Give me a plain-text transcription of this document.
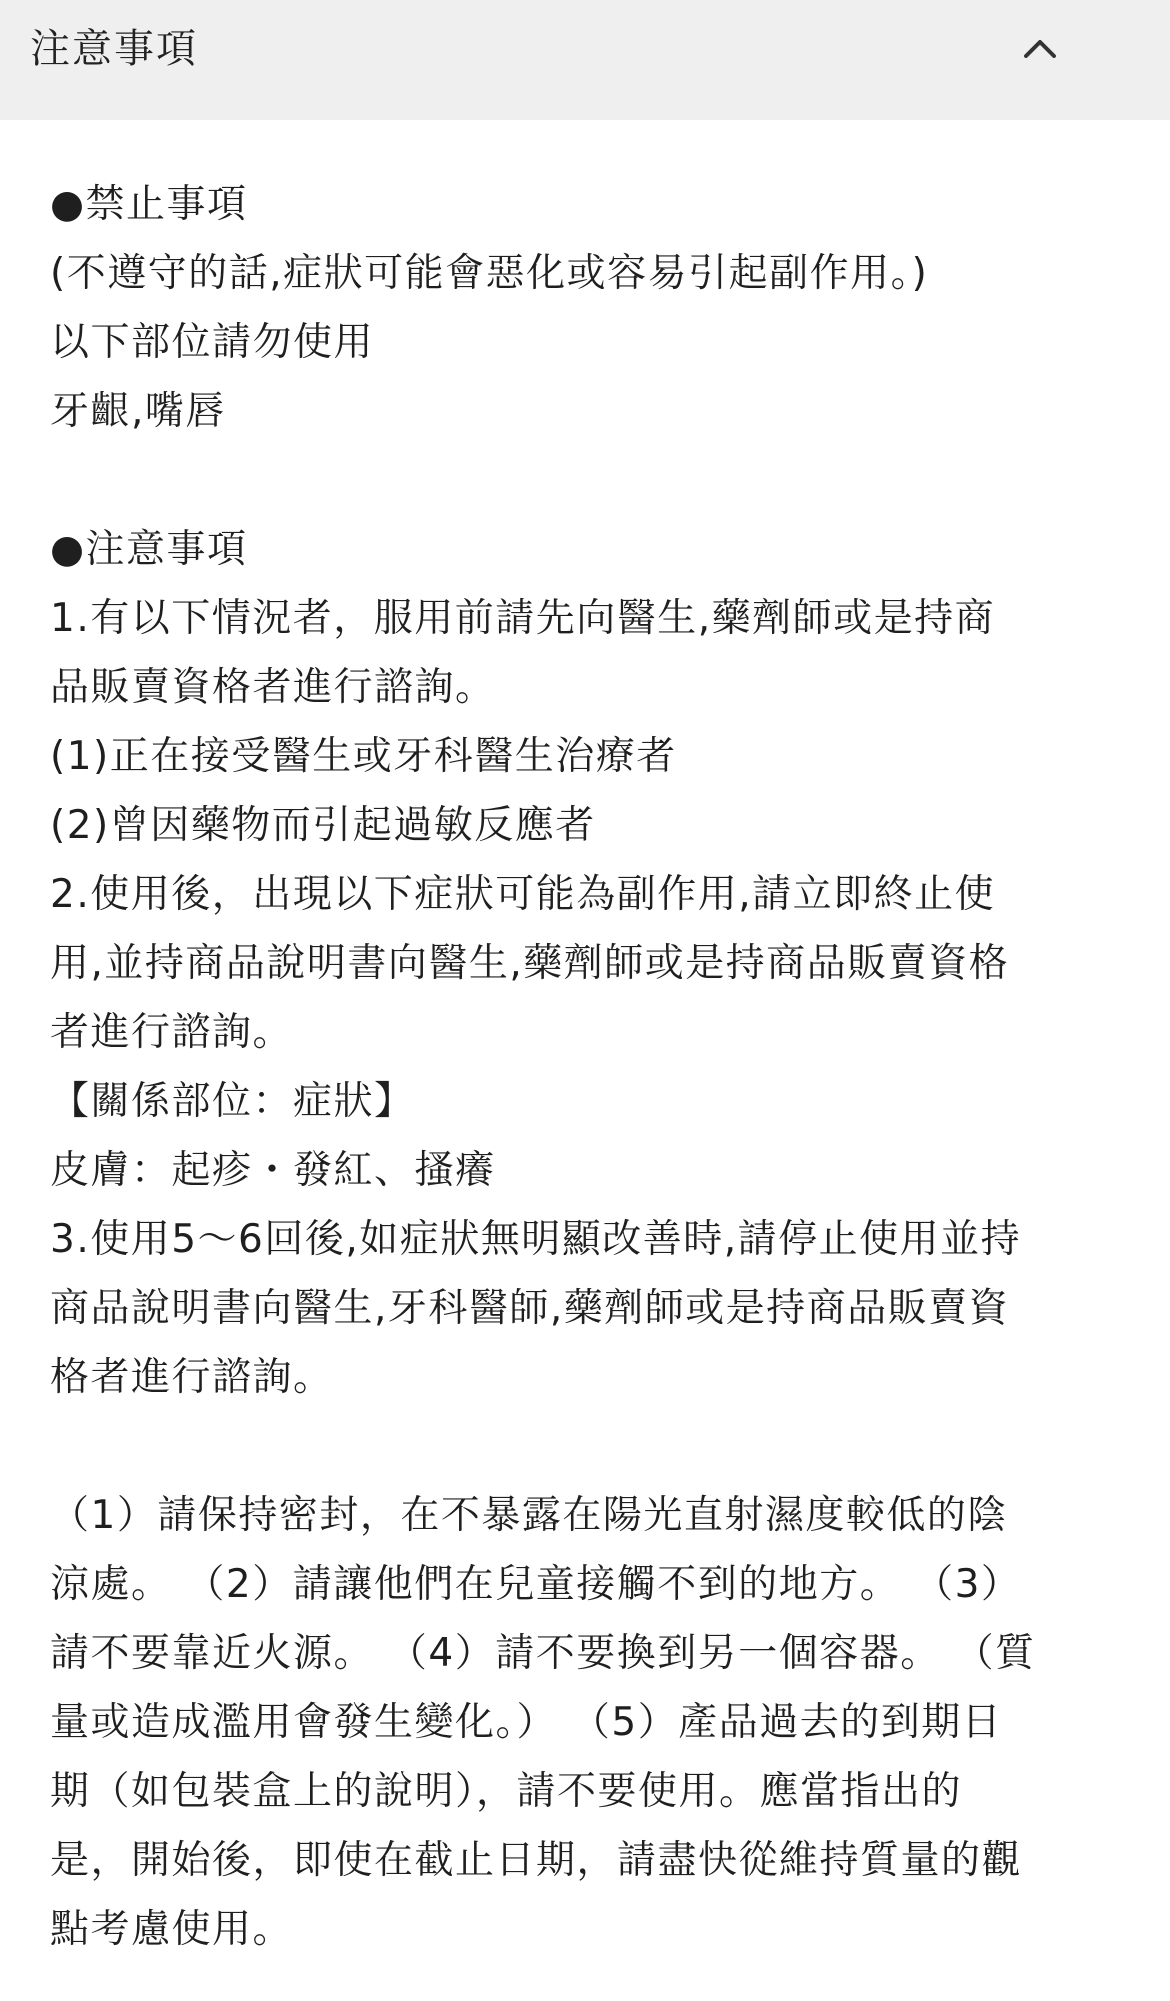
注意事項
●禁止事項
(不遵守的話,症狀可能會惡化或容易引起副作用。)
以下部位請勿使用
牙齦,嘴唇
●注意事項
1.有以下情況者，服用前請先向醫生,藥劑師或是持商
品販賣資格者進行諮詢。
(1)正在接受醫生或牙科醫生治療者
(2)曾因藥物而引起過敏反應者
2.使用後，出現以下症狀可能為副作用,請立即終止使
用,並持商品說明書向醫生,藥劑師或是持商品販賣資格
者進行諮詢。
【關係部位：症狀】
皮膚：起疹・發紅、搔癢
3.使用5～6回後,如症狀無明顯改善時,請停止使用並持
商品說明書向醫生,牙科醫師,藥劑師或是持商品販賣資
格者進行諮詢。
（1）請保持密封，在不暴露在陽光直射濕度較低的陰
涼處。 （2）請讓他們在兒童接觸不到的地方。 （3）
請不要靠近火源。 （4）請不要換到另一個容器。 （質
量或造成濫用會發生變化。） （5）產品過去的到期日
期（如包裝盒上的說明），請不要使用。應當指出的
是，開始後，即使在截止日期，請盡快從維持質量的觀
點考慮使用。
